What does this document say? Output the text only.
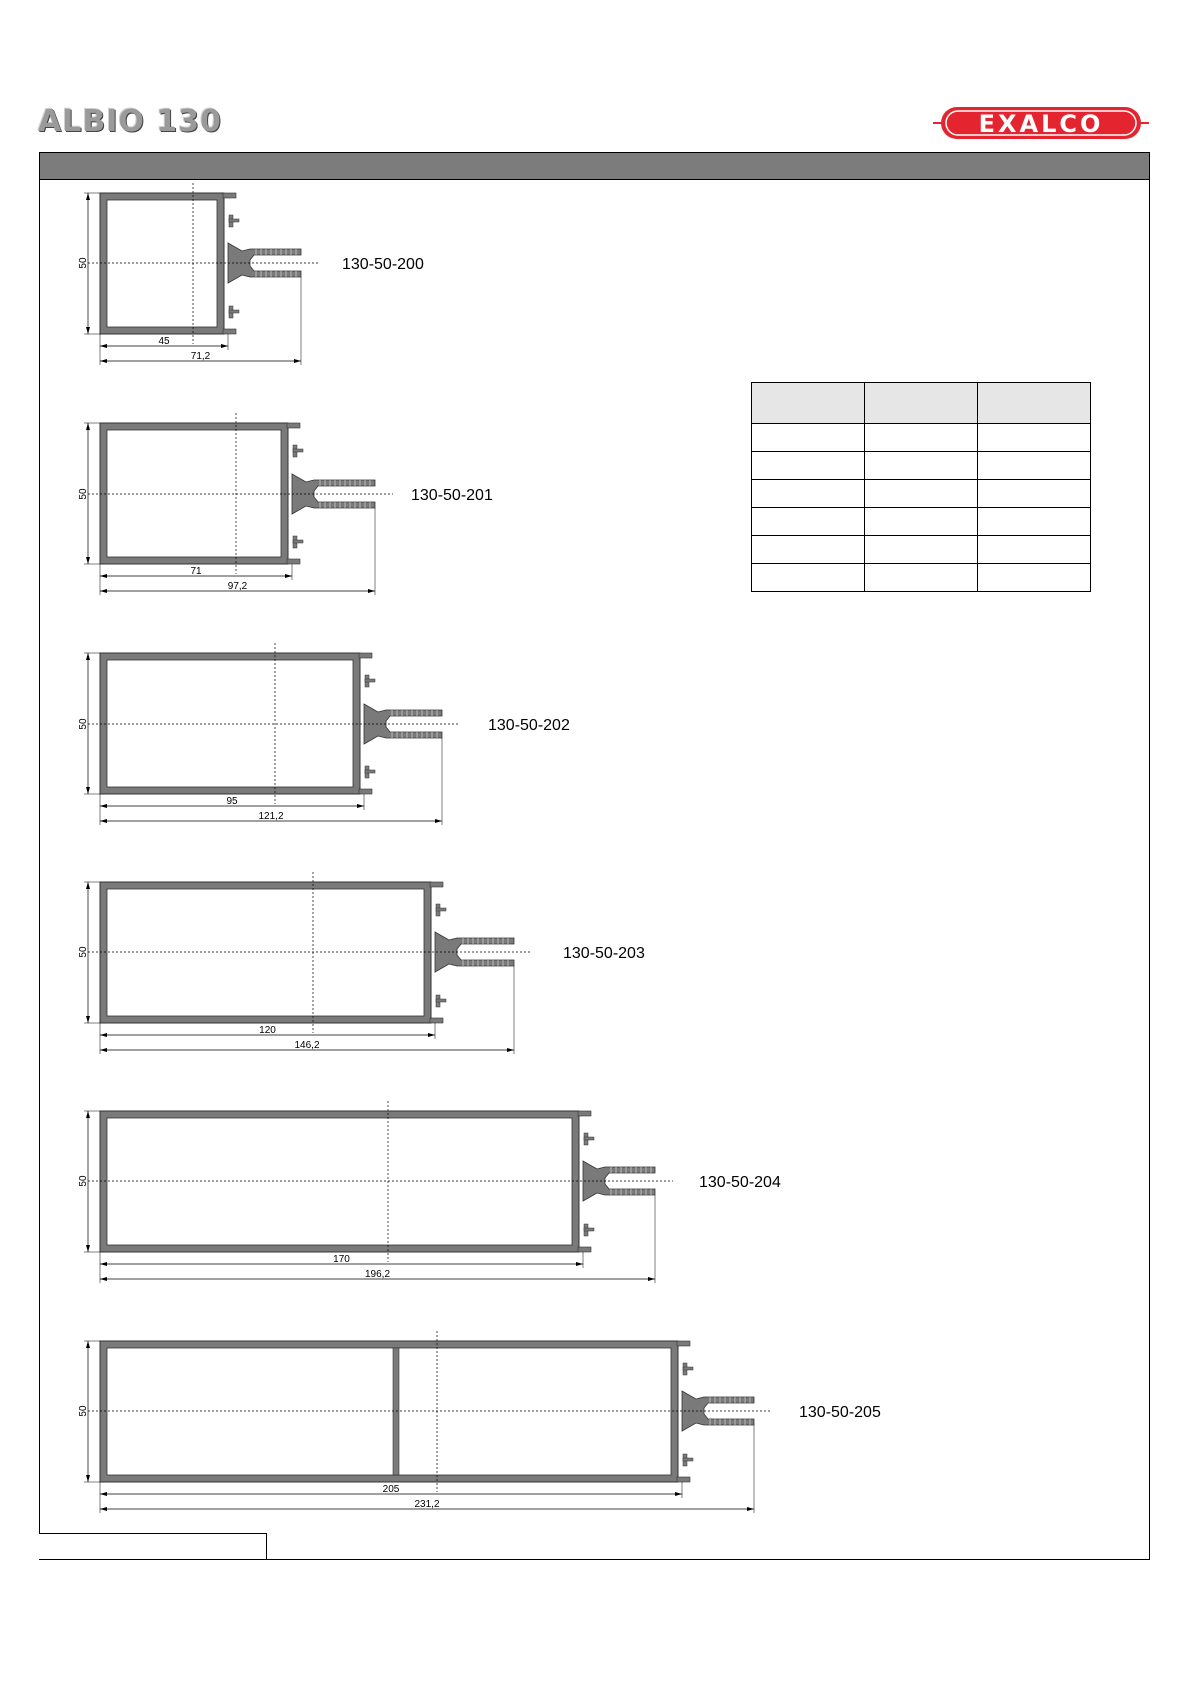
ALBIO 130	EXALCO

50
45
71,2
130-50-200
50
71
97,2
130-50-201
50
95
121,2
130-50-202
50
120
146,2
130-50-203
50
170
196,2
130-50-204
50
205
231,2
130-50-205
